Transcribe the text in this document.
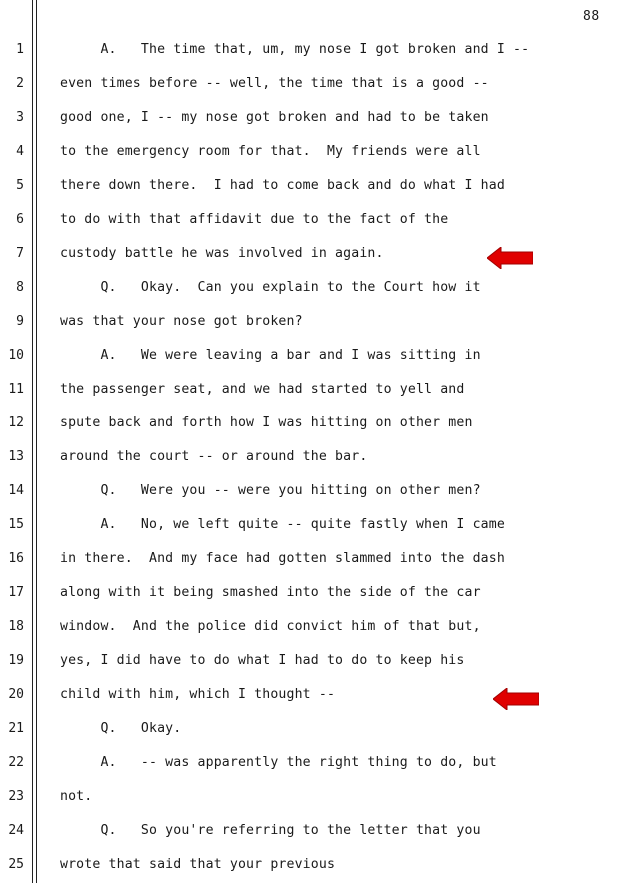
88
1	A.   The time that, um, my nose I got broken and I --
2	even times before -- well, the time that is a good --
3	good one, I -- my nose got broken and had to be taken
4	to the emergency room for that.  My friends were all
5	there down there.  I had to come back and do what I had
6	to do with that affidavit due to the fact of the
7	custody battle he was involved in again.
8	Q.   Okay.  Can you explain to the Court how it
9	was that your nose got broken?
10	A.   We were leaving a bar and I was sitting in
11	the passenger seat, and we had started to yell and
12	spute back and forth how I was hitting on other men
13	around the court -- or around the bar.
14	Q.   Were you -- were you hitting on other men?
15	A.   No, we left quite -- quite fastly when I came
16	in there.  And my face had gotten slammed into the dash
17	along with it being smashed into the side of the car
18	window.  And the police did convict him of that but,
19	yes, I did have to do what I had to do to keep his
20	child with him, which I thought --
21	Q.   Okay.
22	A.   -- was apparently the right thing to do, but
23	not.
24	Q.   So you're referring to the letter that you
25	wrote that said that your previous
